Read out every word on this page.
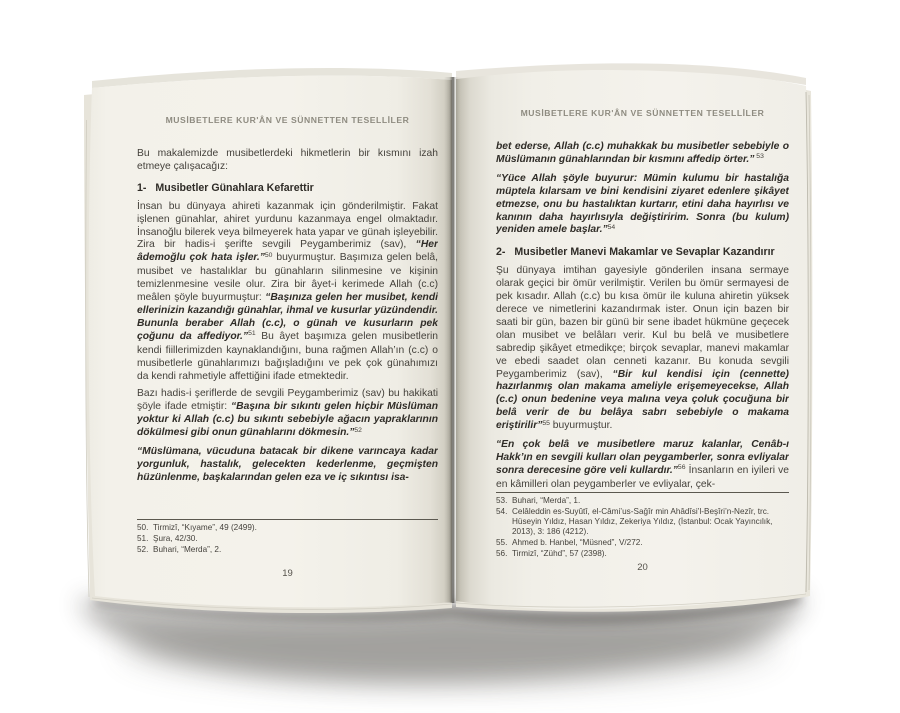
MUSİBETLERE KUR'ÂN VE SÜNNETTEN TESELLİLER
Bu makalemizde musibetlerdeki hikmetlerin bir kısmını izah etmeye çalışacağız:
1- Musibetler Günahlara Kefarettir
İnsan bu dünyaya ahireti kazanmak için gönderilmiştir. Fakat işlenen günahlar, ahiret yurdunu kazanmaya engel olmaktadır. İnsanoğlu bilerek veya bilmeyerek hata yapar ve günah işleyebilir. Zira bir hadis-i şerifte sevgili Peygamberimiz (sav), “Her âdemoğlu çok hata işler.”$^{50}$ buyurmuştur. Başımıza gelen belâ, musibet ve hastalıklar bu günahların silinmesine ve kişinin temizlenmesine vesile olur. Zira bir âyet-i kerimede Allah (c.c) meâlen şöyle buyurmuştur: “Başınıza gelen her musibet, kendi ellerinizin kazandığı günahlar, ihmal ve kusurlar yüzündendir. Bununla beraber Allah (c.c), o günah ve kusurların pek çoğunu da affediyor.”$^{51}$ Bu âyet başımıza gelen musibetlerin kendi fiillerimizden kaynaklandığını, buna rağmen Allah’ın (c.c) o musibetlerle günahlarımızı bağışladığını ve pek çok günahımızı da kendi rahmetiyle affettiğini ifade etmektedir.
Bazı hadis-i şeriflerde de sevgili Peygamberimiz (sav) bu hakikati şöyle ifade etmiştir: “Başına bir sıkıntı gelen hiçbir Müslüman yoktur ki Allah (c.c) bu sıkıntı sebebiyle ağacın yapraklarının dökülmesi gibi onun günahlarını dökmesin.”$^{52}$
“Müslümana, vücuduna batacak bir dikene varıncaya kadar yorgunluk, hastalık, gelecekten kederlenme, geçmişten hüzünlenme, başkalarından gelen eza ve iç sıkıntısı isa-
50. Tirmizî, “Kıyame”, 49 (2499).
51. Şura, 42/30.
52. Buhari, “Merda”, 2.
19
MUSİBETLERE KUR'ÂN VE SÜNNETTEN TESELLİLER
bet ederse, Allah (c.c) muhakkak bu musibetler sebebiyle o Müslümanın günahlarından bir kısmını affedip örter.” $^{53}$
“Yüce Allah şöyle buyurur: Mümin kulumu bir hastalığa müptela kılarsam ve bini kendisini ziyaret edenlere şikâyet etmezse, onu bu hastalıktan kurtarır, etini daha hayırlısı ve kanının daha hayırlısıyla değiştiririm. Sonra (bu kulum) yeniden amele başlar.”$^{54}$
2- Musibetler Manevi Makamlar ve Sevaplar Kazandırır
Şu dünyaya imtihan gayesiyle gönderilen insana sermaye olarak geçici bir ömür verilmiştir. Verilen bu ömür sermayesi de pek kısadır. Allah (c.c) bu kısa ömür ile kuluna ahiretin yüksek derece ve nimetlerini kazandırmak ister. Onun için bazen bir saati bir gün, bazen bir günü bir sene ibadet hükmüne geçecek olan musibet ve belâları verir. Kul bu belâ ve musibetlere sabredip şikâyet etmedikçe; birçok sevaplar, manevi makamlar ve ebedi saadet olan cenneti kazanır. Bu konuda sevgili Peygamberimiz (sav), “Bir kul kendisi için (cennette) hazırlanmış olan makama ameliyle erişemeyecekse, Allah (c.c) onun bedenine veya malına veya çoluk çocuğuna bir belâ verir de bu belâya sabrı sebebiyle o makama eriştirilir”$^{55}$ buyurmuştur.
“En çok belâ ve musibetlere maruz kalanlar, Cenâb-ı Hakk’ın en sevgili kulları olan peygamberler, sonra evliyalar sonra derecesine göre veli kullardır.”$^{56}$ İnsanların en iyileri ve en kâmilleri olan peygamberler ve evliyalar, çek-
53. Buhari, “Merda”, 1.
54. Celâleddin es-Suyûtî, el-Câmi’us-Sağîr min Ahâdîsi’l-Beşîri’n-Nezîr, trc. Hüseyin Yıldız, Hasan Yıldız, Zekeriya Yıldız, (İstanbul: Ocak Yayıncılık, 2013), 3: 186 (4212).
55. Ahmed b. Hanbel, “Müsned”, V/272.
56. Tirmizî, “Zühd”, 57 (2398).
20
